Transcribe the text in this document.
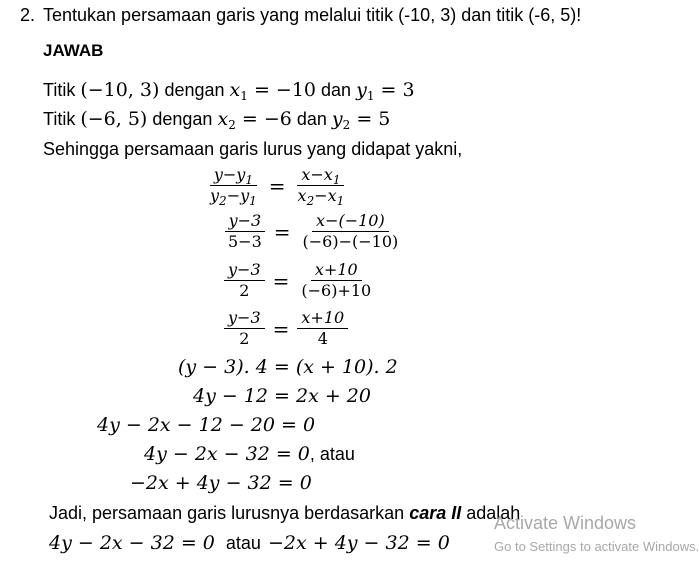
2. Tentukan persamaan garis yang melalui titik (-10, 3) dan titik (-6, 5)!
JAWAB
Titik (−10, 3) dengan $x_1 = -10$ dan $y_1 = 3$
Titik (−6, 5) dengan $x_2 = -6$ dan $y_2 = 5$
Sehingga persamaan garis lurus yang didapat yakni,
$\frac{y-y_1}{y_2-y_1} = \frac{x-x_1}{x_2-x_1}$
$\frac{y-3}{5-3} = \frac{x-(-10)}{(-6)-(-10)}$
$\frac{y-3}{2} = \frac{x+10}{(-6)+10}$
$\frac{y-3}{2} = \frac{x+10}{4}$
(y − 3). 4 = (x + 10). 2
4y − 12 = 2x + 20
4y − 2x − 12 − 20 = 0
4y − 2x − 32 = 0, atau
−2x + 4y − 32 = 0
Jadi, persamaan garis lurusnya berdasarkan cara II adalah
4y − 2x − 32 = 0 atau −2x + 4y − 32 = 0
Activate Windows
Go to Settings to activate Windows.
